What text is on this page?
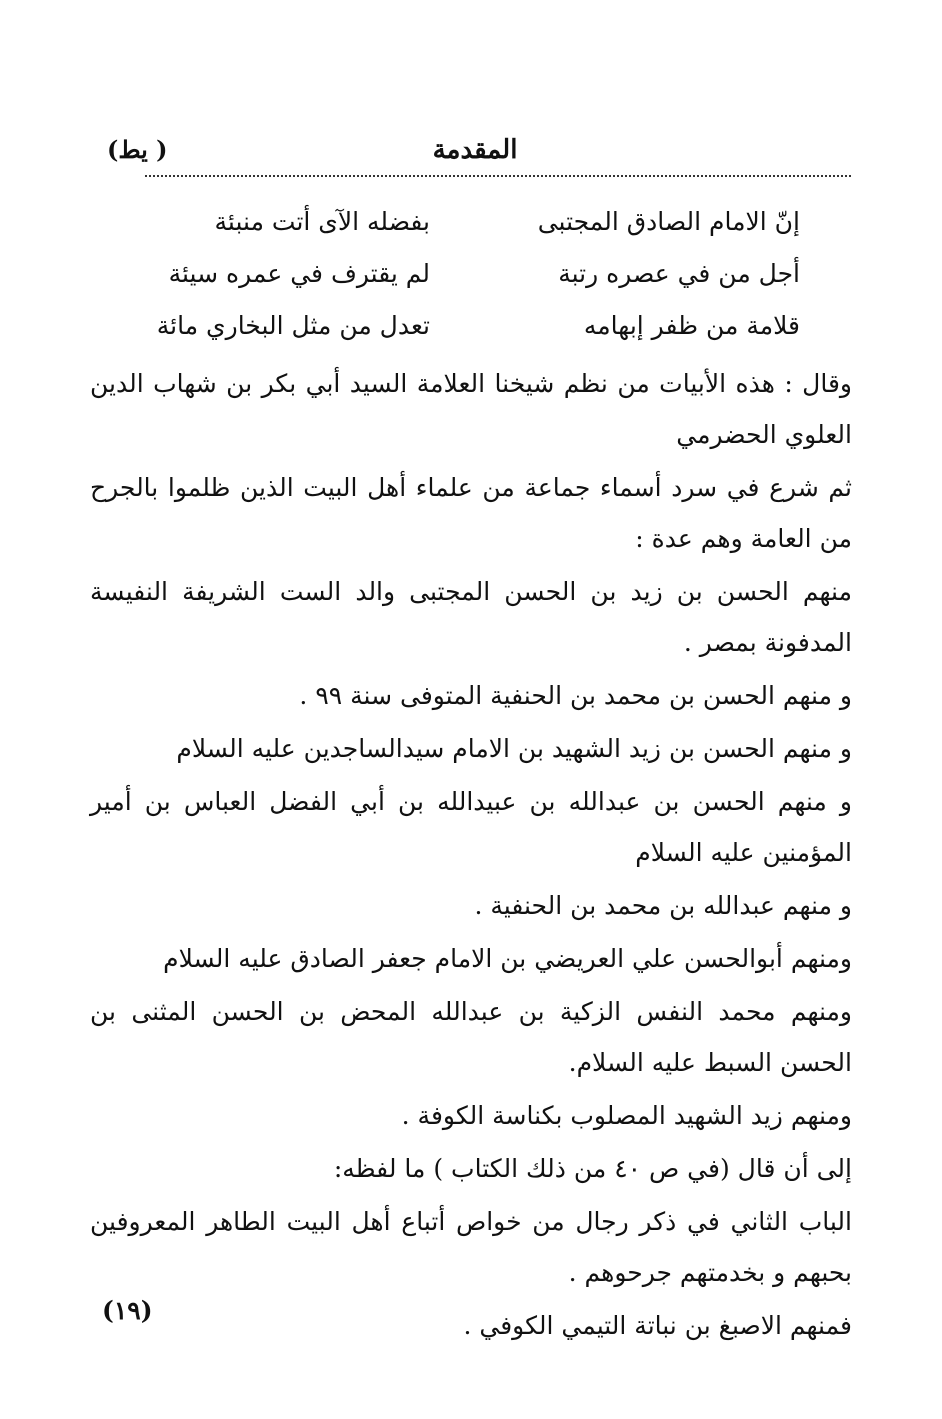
(يط )	المقدمة
إنّ الامام الصادق المجتبى
بفضله الآى أتت منبئة
أجل من في عصره رتبة
لم يقترف في عمره سيئة
قلامة من ظفر إبهامه
تعدل من مثل البخاري مائة

وقال : هذه الأبيات من نظم شيخنا العلامة السيد أبي بكر بن شهاب الدين العلوي الحضرمي

ثم شرع في سرد أسماء جماعة من علماء أهل البيت الذين ظلموا بالجرح من العامة وهم عدة :

منهم الحسن بن زيد بن الحسن المجتبى والد الست الشريفة النفيسة المدفونة بمصر .

و منهم الحسن بن محمد بن الحنفية المتوفى سنة ٩٩ .

و منهم الحسن بن زيد الشهيد بن الامام سيدالساجدين عليه السلام

و منهم الحسن بن عبدالله بن عبيدالله بن أبي الفضل العباس بن أمير المؤمنين عليه السلام

و منهم عبدالله بن محمد بن الحنفية .

ومنهم أبوالحسن علي العريضي بن الامام جعفر الصادق عليه السلام

ومنهم محمد النفس الزكية بن عبدالله المحض بن الحسن المثنى بن الحسن السبط عليه السلام.

ومنهم زيد الشهيد المصلوب بكناسة الكوفة .

إلى أن قال (في ص ٤٠ من ذلك الكتاب ) ما لفظه:

الباب الثاني في ذكر رجال من خواص أتباع أهل البيت الطاهر المعروفين بحبهم و بخدمتهم جرحوهم .

فمنهم الاصبغ بن نباتة التيمي الكوفي .

(١٩)
